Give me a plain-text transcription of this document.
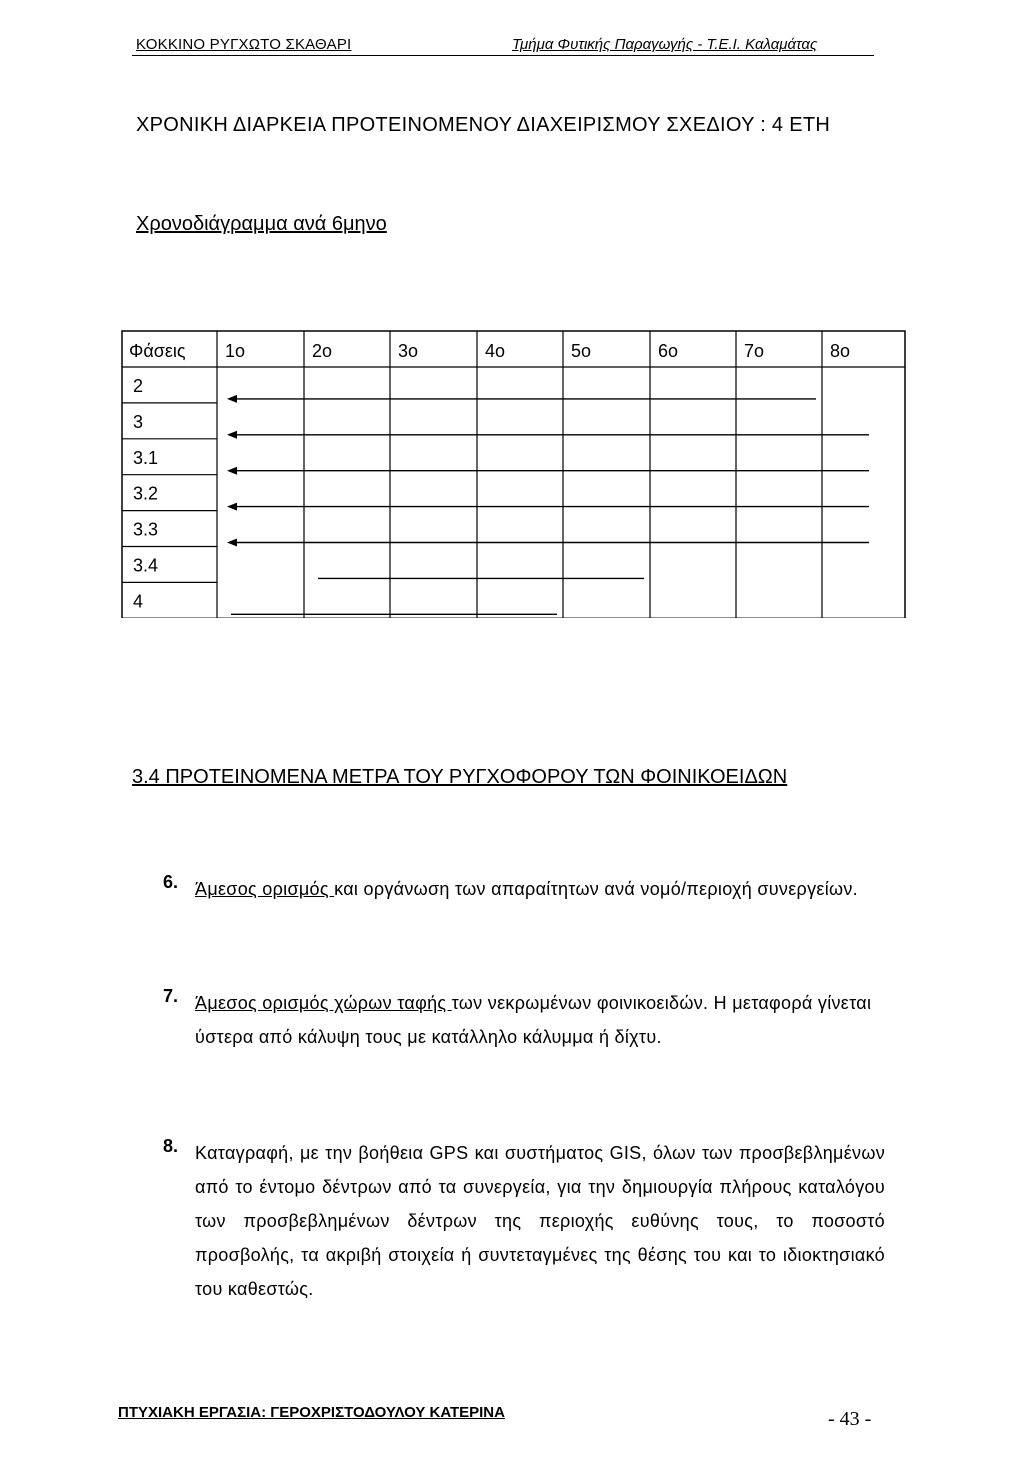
ΚΟΚΚΙΝΟ ΡΥΓΧΩΤΟ ΣΚΑΘΑΡΙ	Τμήμα Φυτικής Παραγωγής - Τ.Ε.Ι. Καλαμάτας
ΧΡΟΝΙΚΗ ΔΙΑΡΚΕΙΑ ΠΡΟΤΕΙΝΟΜΕΝΟΥ ΔΙΑΧΕΙΡΙΣΜΟΥ ΣΧΕΔΙΟΥ : 4 ΕΤΗ
Χρονοδιάγραμμα ανά 6μηνο
Φάσεις 1ο	2ο	3ο	4ο	5ο	6ο	7ο	8ο
2
3
3.1
3.2
3.3
3.4
4
3.4 ΠΡΟΤΕΙΝΟΜΕΝΑ ΜΕΤΡΑ ΤΟΥ ΡΥΓΧΟΦΟΡΟΥ ΤΩΝ ΦΟΙΝΙΚΟΕΙΔΩΝ
6. Άμεσος ορισμός και οργάνωση των απαραίτητων ανά νομό/περιοχή συνεργείων.
7. Άμεσος ορισμός χώρων ταφής των νεκρωμένων φοινικοειδών. Η μεταφορά γίνεται ύστερα από κάλυψη τους με κατάλληλο κάλυμμα ή δίχτυ.
8. Καταγραφή, με την βοήθεια GPS και συστήματος GIS, όλων των προσβεβλημένων από το έντομο δέντρων από τα συνεργεία, για την δημιουργία πλήρους καταλόγου των προσβεβλημένων δέντρων της περιοχής ευθύνης τους, το ποσοστό προσβολής, τα ακριβή στοιχεία ή συντεταγμένες της θέσης του και το ιδιοκτησιακό του καθεστώς.
ΠΤΥΧΙΑΚΗ ΕΡΓΑΣΙΑ: ΓΕΡΟΧΡΙΣΤΟΔΟΥΛΟΥ ΚΑΤΕΡΙΝΑ	- 43 -
